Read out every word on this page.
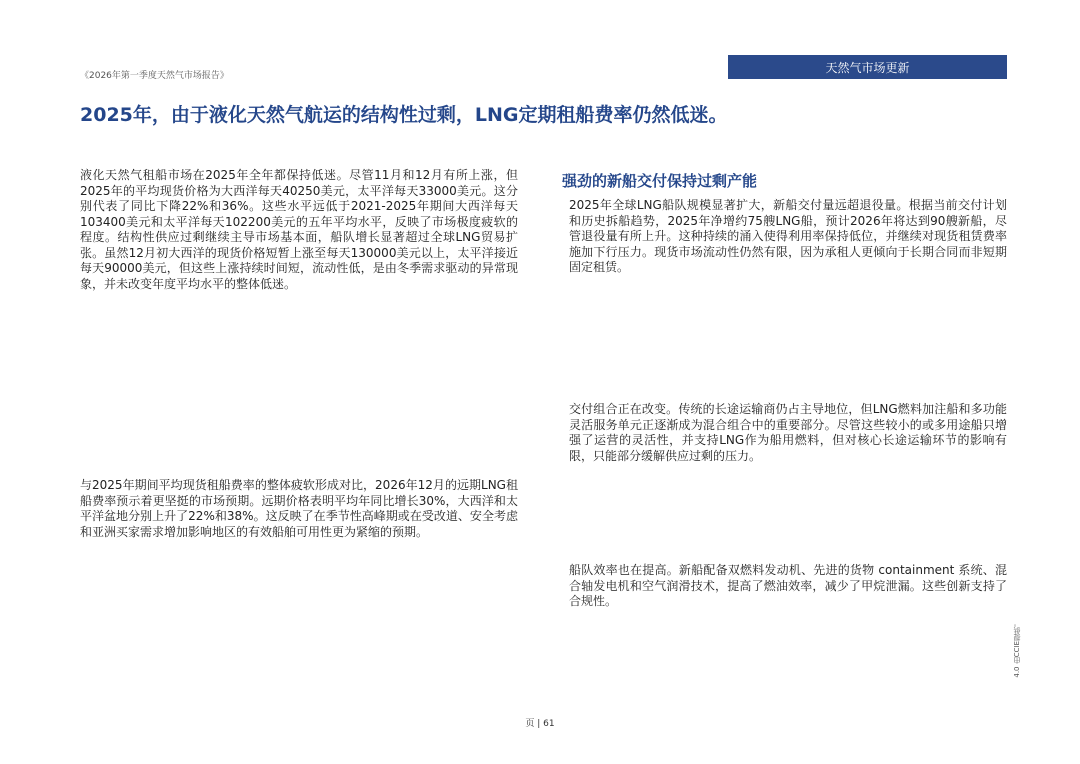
《2026年第一季度天然气市场报告》
天然气市场更新
2025年，由于液化天然气航运的结构性过剩，LNG定期租船费率仍然低迷。

液化天然气租船市场在2025年全年都保持低迷。尽管11月和12月有所上涨，但2025年的平均现货价格为大西洋每天40250美元，太平洋每天33000美元。这分别代表了同比下降22%和36%。这些水平远低于2021-2025年期间大西洋每天103400美元和太平洋每天102200美元的五年平均水平，反映了市场极度疲软的程度。结构性供应过剩继续主导市场基本面，船队增长显著超过全球LNG贸易扩张。虽然12月初大西洋的现货价格短暂上涨至每天130000美元以上，太平洋接近每天90000美元，但这些上涨持续时间短，流动性低，是由冬季需求驱动的异常现象，并未改变年度平均水平的整体低迷。

与2025年期间平均现货租船费率的整体疲软形成对比，2026年12月的远期LNG租船费率预示着更坚挺的市场预期。远期价格表明平均年同比增长30%，大西洋和太平洋盆地分别上升了22%和38%。这反映了在季节性高峰期或在受改道、安全考虑和亚洲买家需求增加影响地区的有效船舶可用性更为紧缩的预期。

强劲的新船交付保持过剩产能

2025年全球LNG船队规模显著扩大，新船交付量远超退役量。根据当前交付计划和历史拆船趋势，2025年净增约75艘LNG船，预计2026年将达到90艘新船，尽管退役量有所上升。这种持续的涌入使得利用率保持低位，并继续对现货租赁费率施加下行压力。现货市场流动性仍然有限，因为承租人更倾向于长期合同而非短期固定租赁。

交付组合正在改变。传统的长途运输商仍占主导地位，但LNG燃料加注船和多功能灵活服务单元正逐渐成为混合组合中的重要部分。尽管这些较小的或多用途船只增强了运营的灵活性，并支持LNG作为船用燃料，但对核心长途运输环节的影响有限，只能部分缓解供应过剩的压力。

船队效率也在提高。新船配备双燃料发动机、先进的货物 containment 系统、混合轴发电机和空气润滑技术，提高了燃油效率，减少了甲烷泄漏。这些创新支持了合规性。

4.0 由CCIE提供。
页 | 61
